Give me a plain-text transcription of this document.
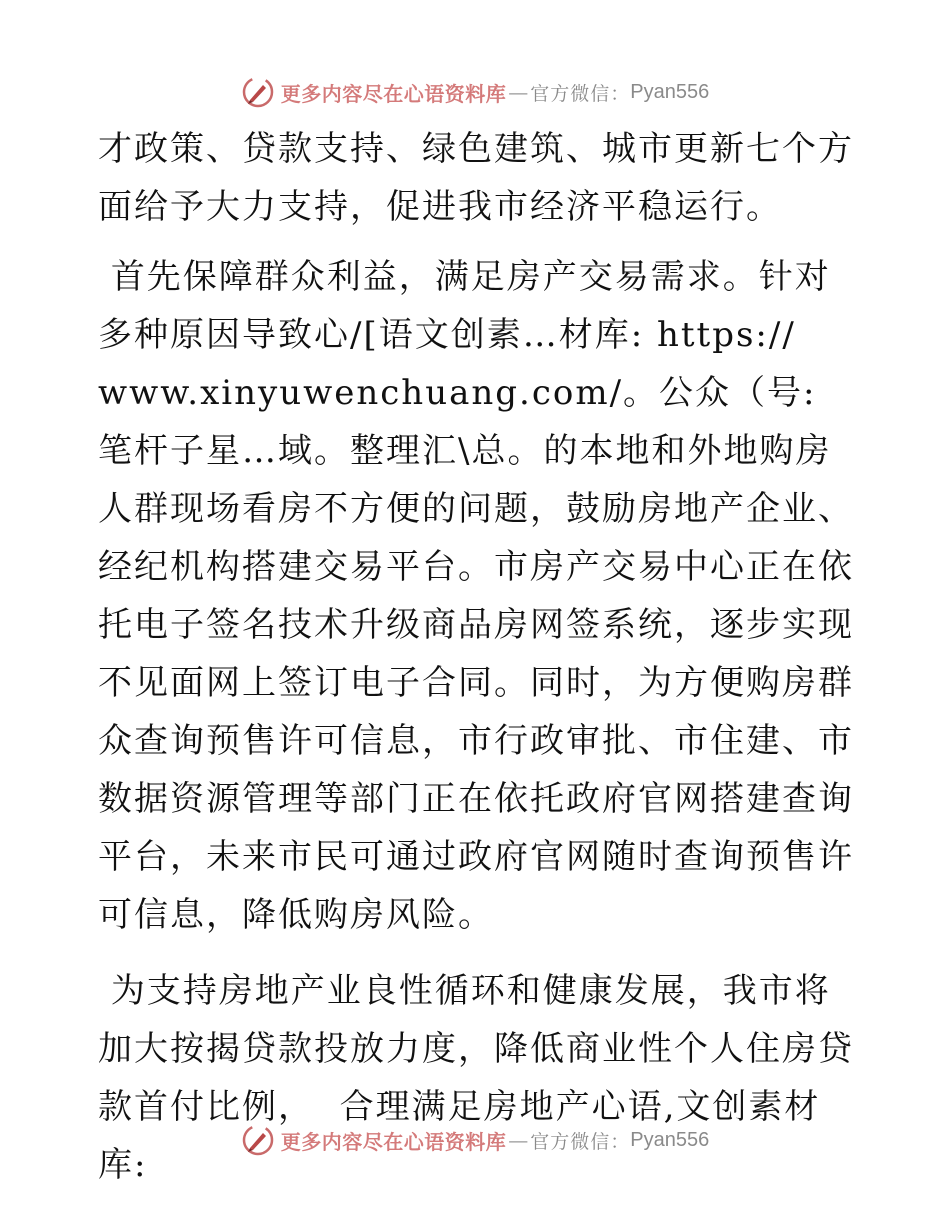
更多内容尽在心语资料库 — 官方微信： Pyan556

才政策、贷款支持、绿色建筑、城市更新七个方面给予大力支持，促进我市经济平稳运行。

首先保障群众利益，满足房产交易需求。针对多种原因导致心/[语文创素…材库: https://
www.xinyuwenchuang.com/。公众（号: 笔杆子星…域。整理汇\总。的本地和外地购房人群现场看房不方便的问题，鼓励房地产企业、经纪机构搭建交易平台。市房产交易中心正在依托电子签名技术升级商品房网签系统，逐步实现不见面网上签订电子合同。同时，为方便购房群众查询预售许可信息，市行政审批、市住建、市数据资源管理等部门正在依托政府官网搭建查询平台，未来市民可通过政府官网随时查询预售许可信息，降低购房风险。

为支持房地产业良性循环和健康发展，我市将加大按揭贷款投放力度，降低商业性个人住房贷款首付比例，  合理满足房地产心语,文创素材库:

更多内容尽在心语资料库 — 官方微信： Pyan556
